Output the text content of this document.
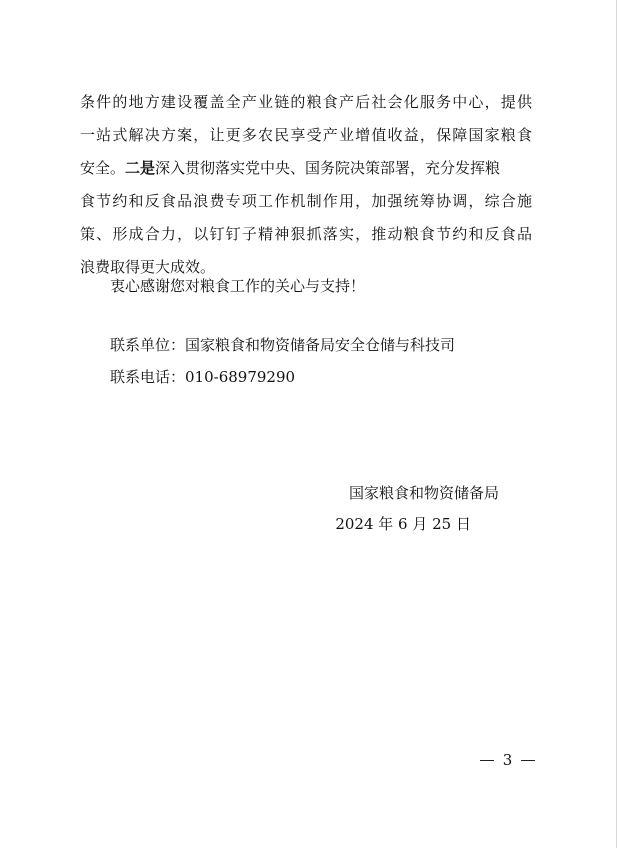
条件的地方建设覆盖全产业链的粮食产后社会化服务中心，提供

一站式解决方案，让更多农民享受产业增值收益，保障国家粮食

安全。二是深入贯彻落实党中央、国务院决策部署，充分发挥粮

食节约和反食品浪费专项工作机制作用，加强统筹协调，综合施

策、形成合力，以钉钉子精神狠抓落实，推动粮食节约和反食品

浪费取得更大成效。

衷心感谢您对粮食工作的关心与支持！

联系单位：国家粮食和物资储备局安全仓储与科技司

联系电话：010-68979290

国家粮食和物资储备局

2024 年 6 月 25 日

3
